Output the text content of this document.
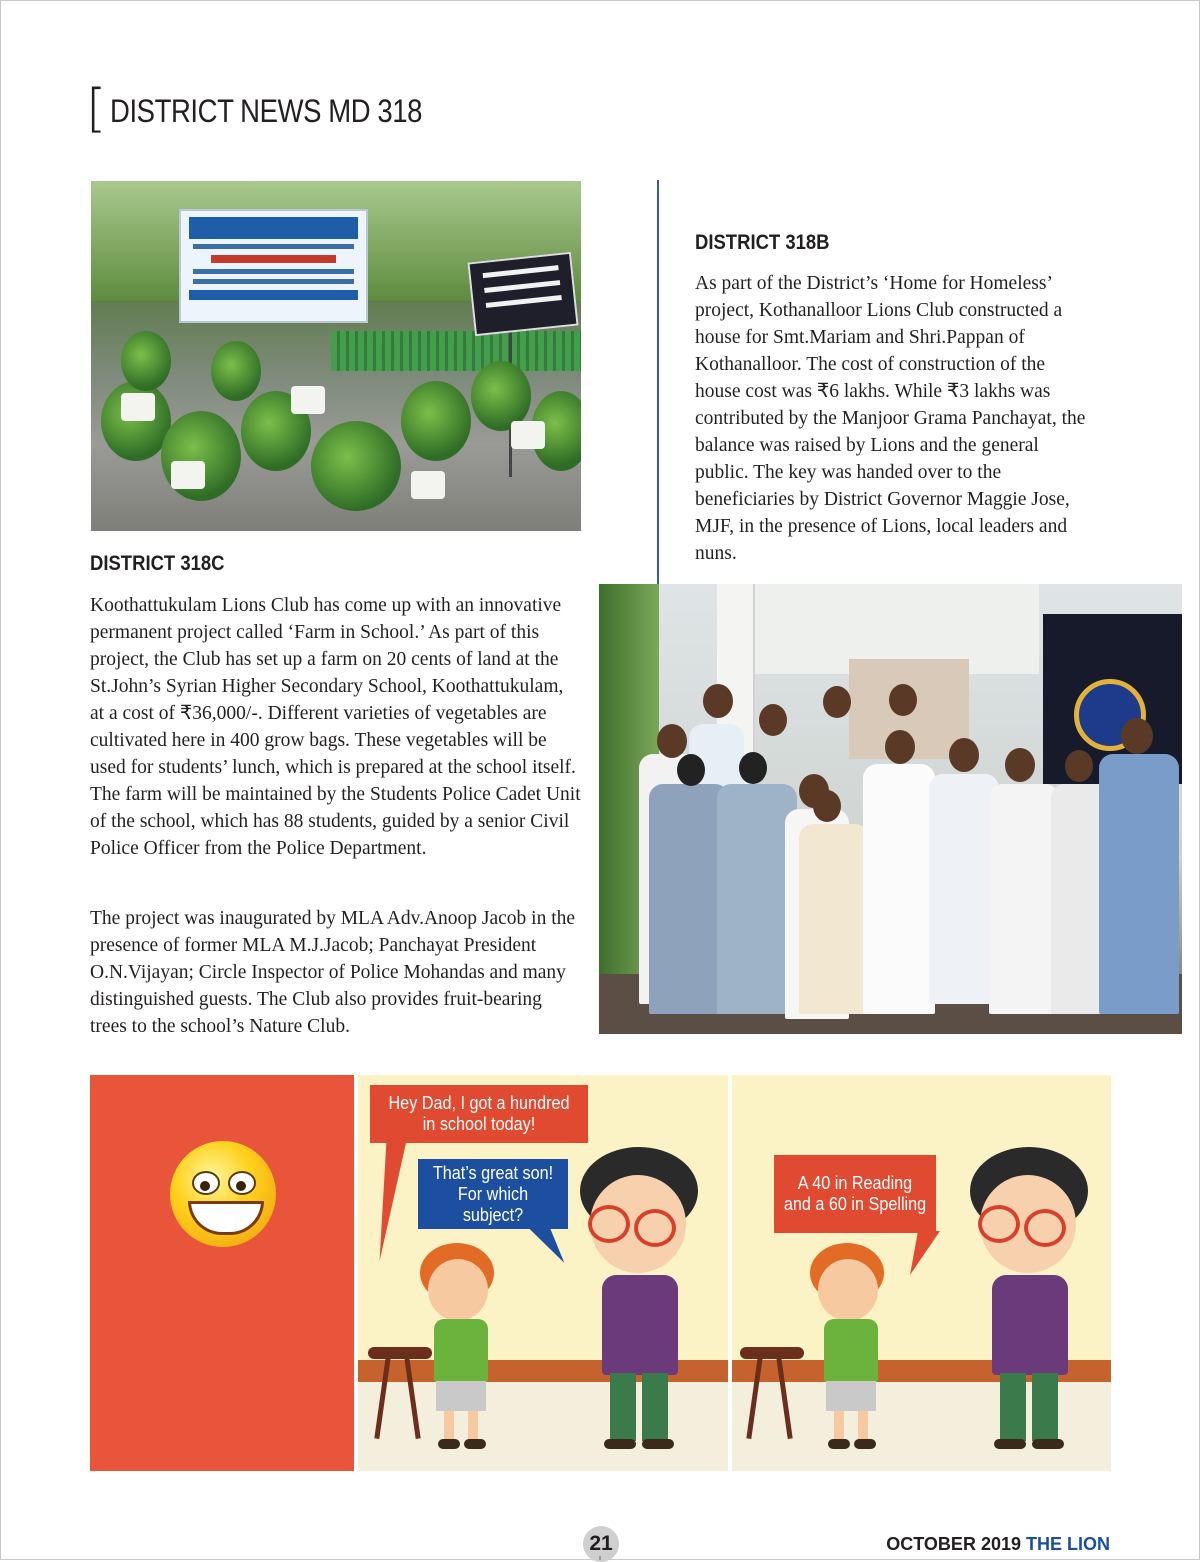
[ DISTRICT NEWS MD 318
DISTRICT 318C

Koothattukulam Lions Club has come up with an innovative permanent project called ‘Farm in School.’ As part of this project, the Club has set up a farm on 20 cents of land at the St.John’s Syrian Higher Secondary School, Koothattukulam, at a cost of ₹36,000/-. Different varieties of vegetables are cultivated here in 400 grow bags. These vegetables will be used for students’ lunch, which is prepared at the school itself. The farm will be maintained by the Students Police Cadet Unit of the school, which has 88 students, guided by a senior Civil Police Officer from the Police Department.

The project was inaugurated by MLA Adv.Anoop Jacob in the presence of former MLA M.J.Jacob; Panchayat President O.N.Vijayan; Circle Inspector of Police Mohandas and many distinguished guests. The Club also provides fruit-bearing trees to the school’s Nature Club.

DISTRICT 318B

As part of the District’s ‘Home for Homeless’ project, Kothanalloor Lions Club constructed a house for Smt.Mariam and Shri.Pappan of Kothanalloor. The cost of construction of the house cost was ₹6 lakhs. While ₹3 lakhs was contributed by the Manjoor Grama Panchayat, the balance was raised by Lions and the general public. The key was handed over to the beneficiaries by District Governor Maggie Jose, MJF, in the presence of Lions, local leaders and nuns.

Hey Dad, I got a hundred in school today!
That’s great son! For which subject?
A 40 in Reading and a 60 in Spelling
21	OCTOBER 2019 THE LION
